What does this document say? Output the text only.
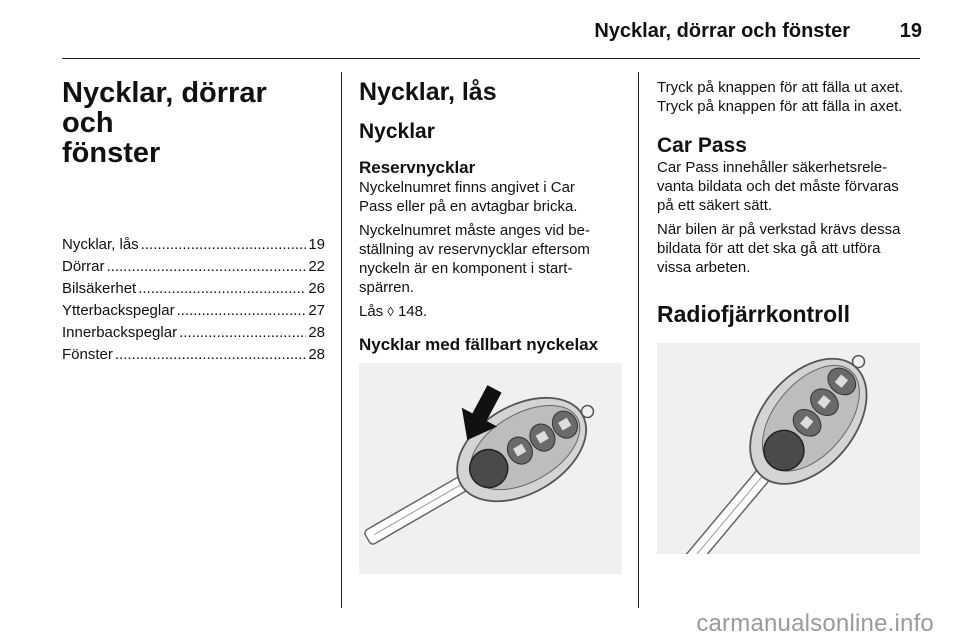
Nycklar, dörrar och fönster 19
Nycklar, dörrar och
fönster
Nycklar, lås .....	19
Dörrar .....	22
Bilsäkerhet .....	26
Ytterbackspeglar .....	27
Innerbackspeglar .....	28
Fönster .....	28
Nycklar, lås
Nycklar
Reservnycklar

Nyckelnumret finns angivet i Car
Pass eller på en avtagbar bricka.

Nyckelnumret måste anges vid be-
ställning av reservnycklar eftersom
nyckeln är en komponent i start-
spärren.

Lås ◊ 148.

Nycklar med fällbart nyckelax

Tryck på knappen för att fälla ut axet.
Tryck på knappen för att fälla in axet.

Car Pass

Car Pass innehåller säkerhetsrele-
vanta bildata och det måste förvaras
på ett säkert sätt.

När bilen är på verkstad krävs dessa
bildata för att det ska gå att utföra
vissa arbeten.

Radiofjärrkontroll
carmanualsonline.info
